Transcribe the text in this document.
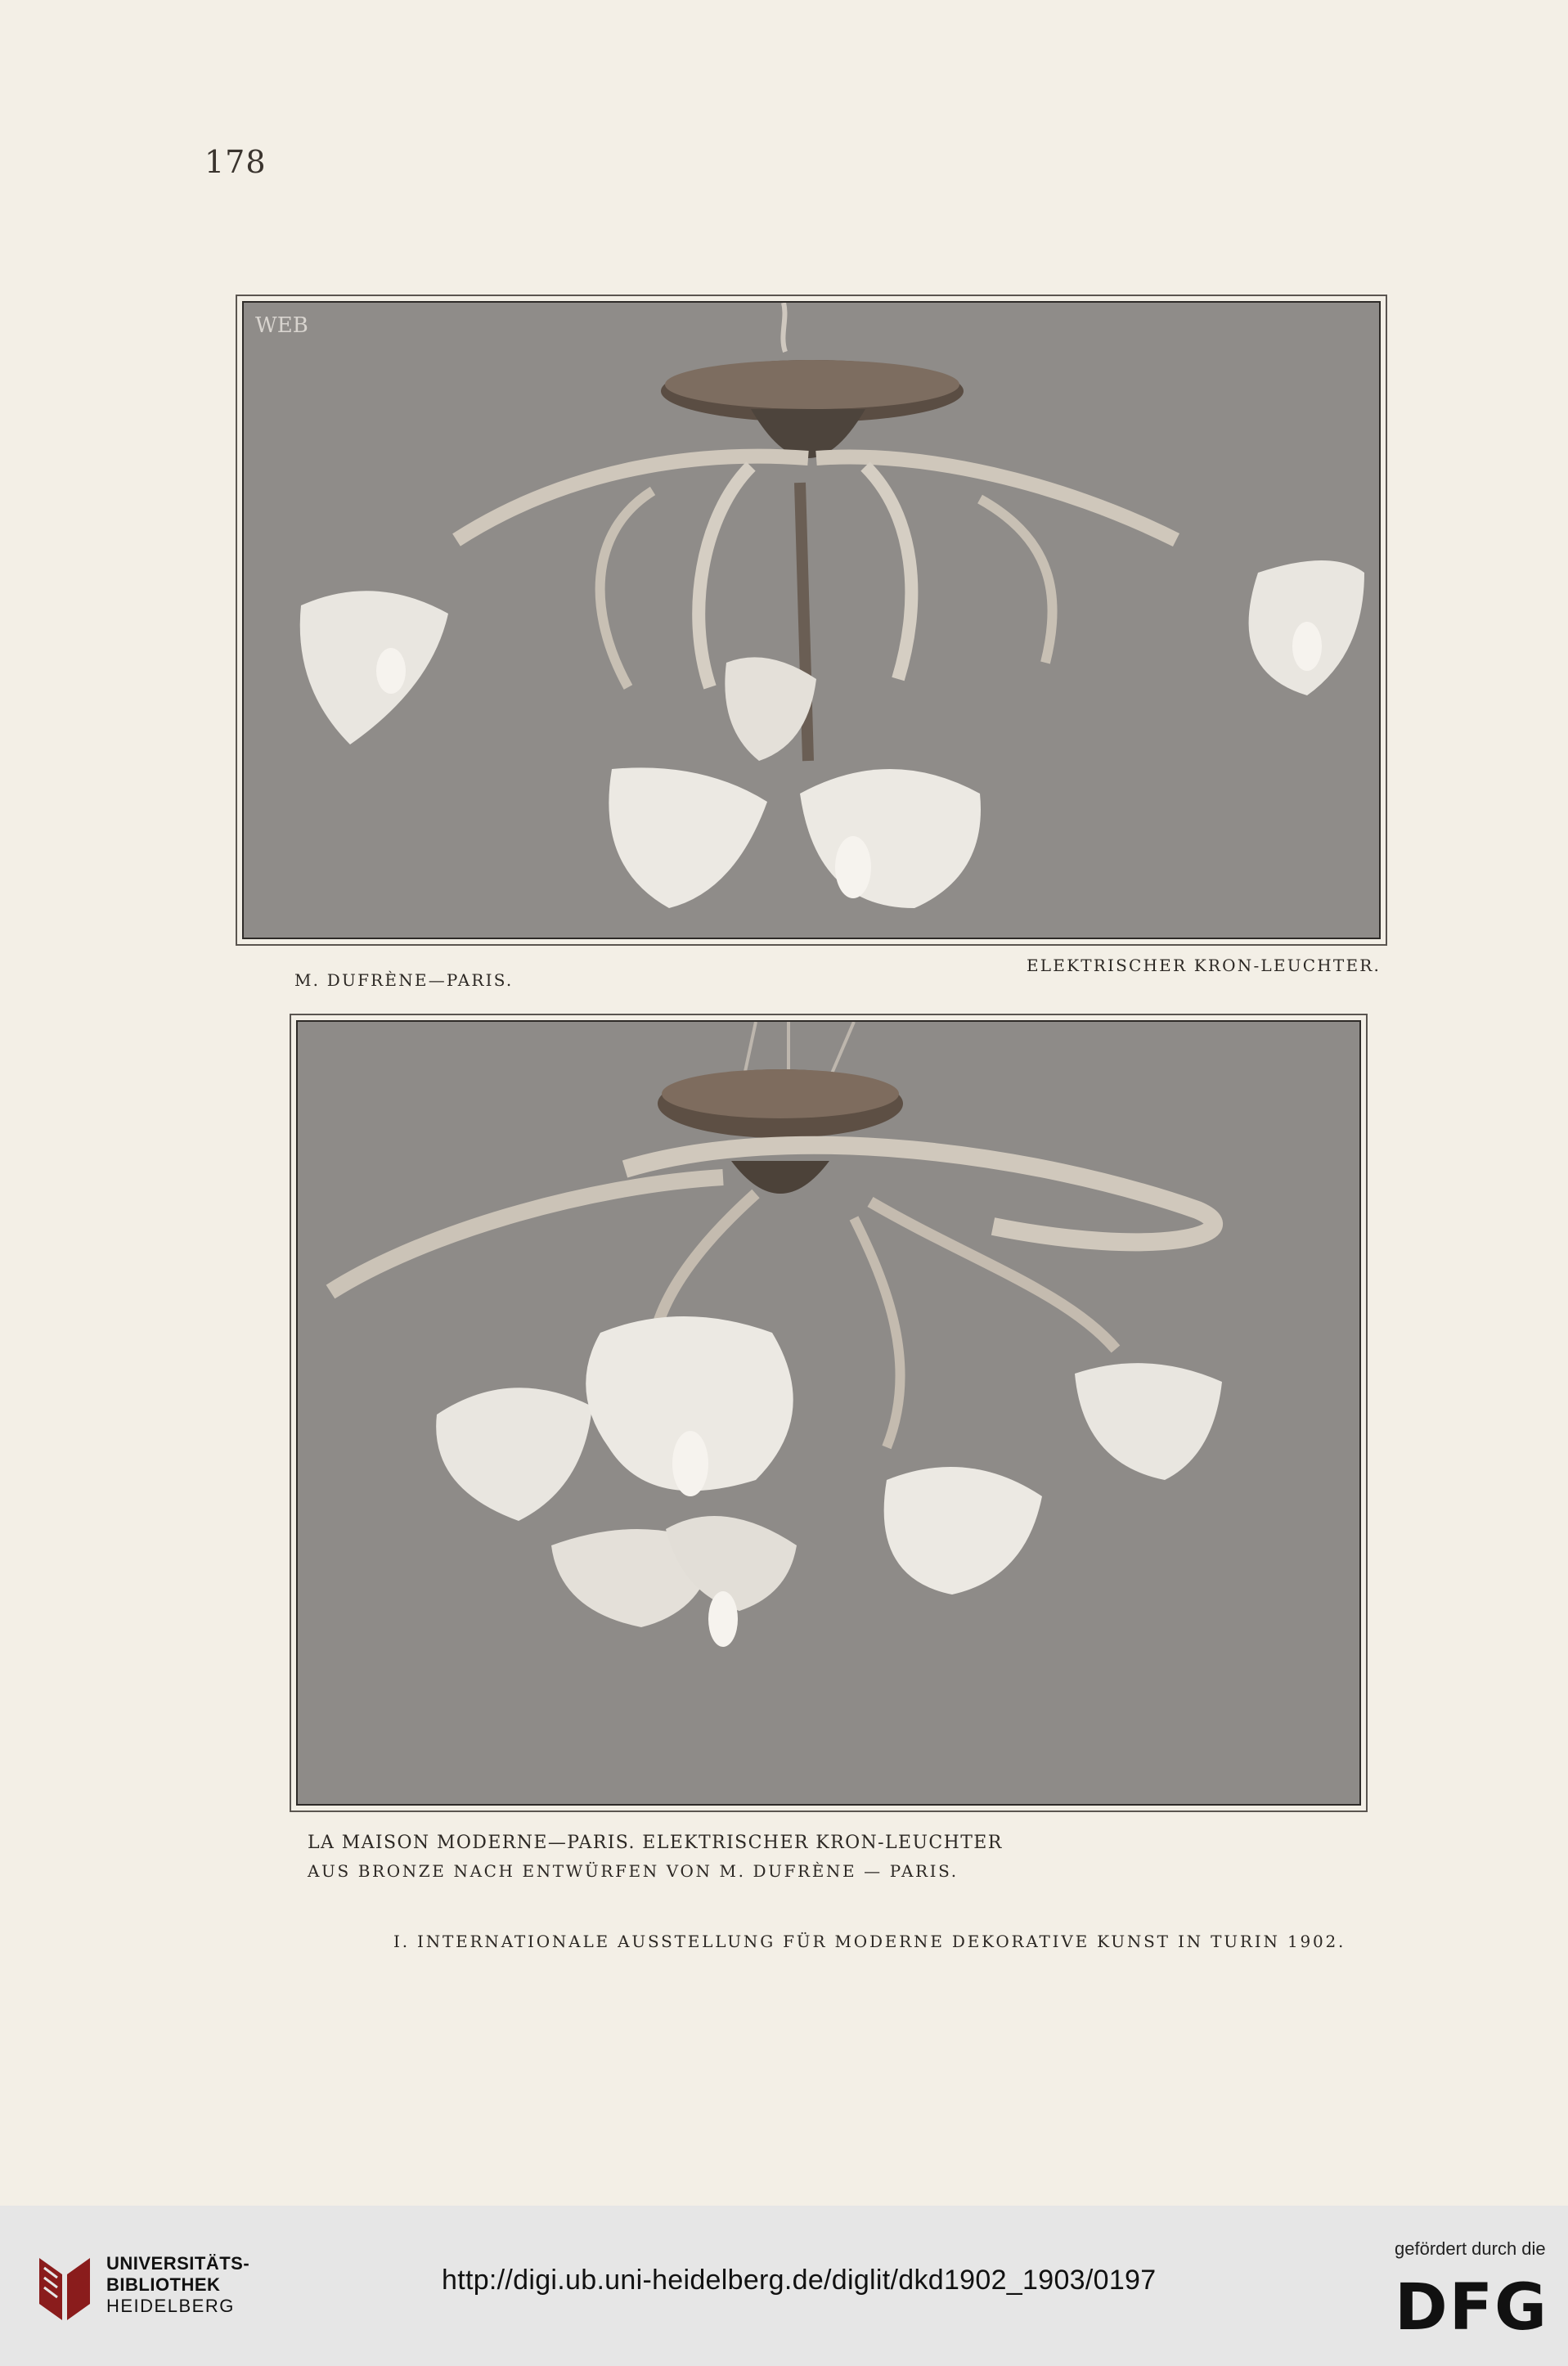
178
WEB
M. DUFRÈNE—PARIS.
ELEKTRISCHER KRON-LEUCHTER.
LA MAISON MODERNE—PARIS. ELEKTRISCHER KRON-LEUCHTER
AUS BRONZE NACH ENTWÜRFEN VON M. DUFRÈNE — PARIS.
I. INTERNATIONALE AUSSTELLUNG FÜR MODERNE DEKORATIVE KUNST IN TURIN 1902.
UNIVERSITÄTS-
BIBLIOTHEK
HEIDELBERG
http://digi.ub.uni-heidelberg.de/diglit/dkd1902_1903/0197
gefördert durch die
DFG
